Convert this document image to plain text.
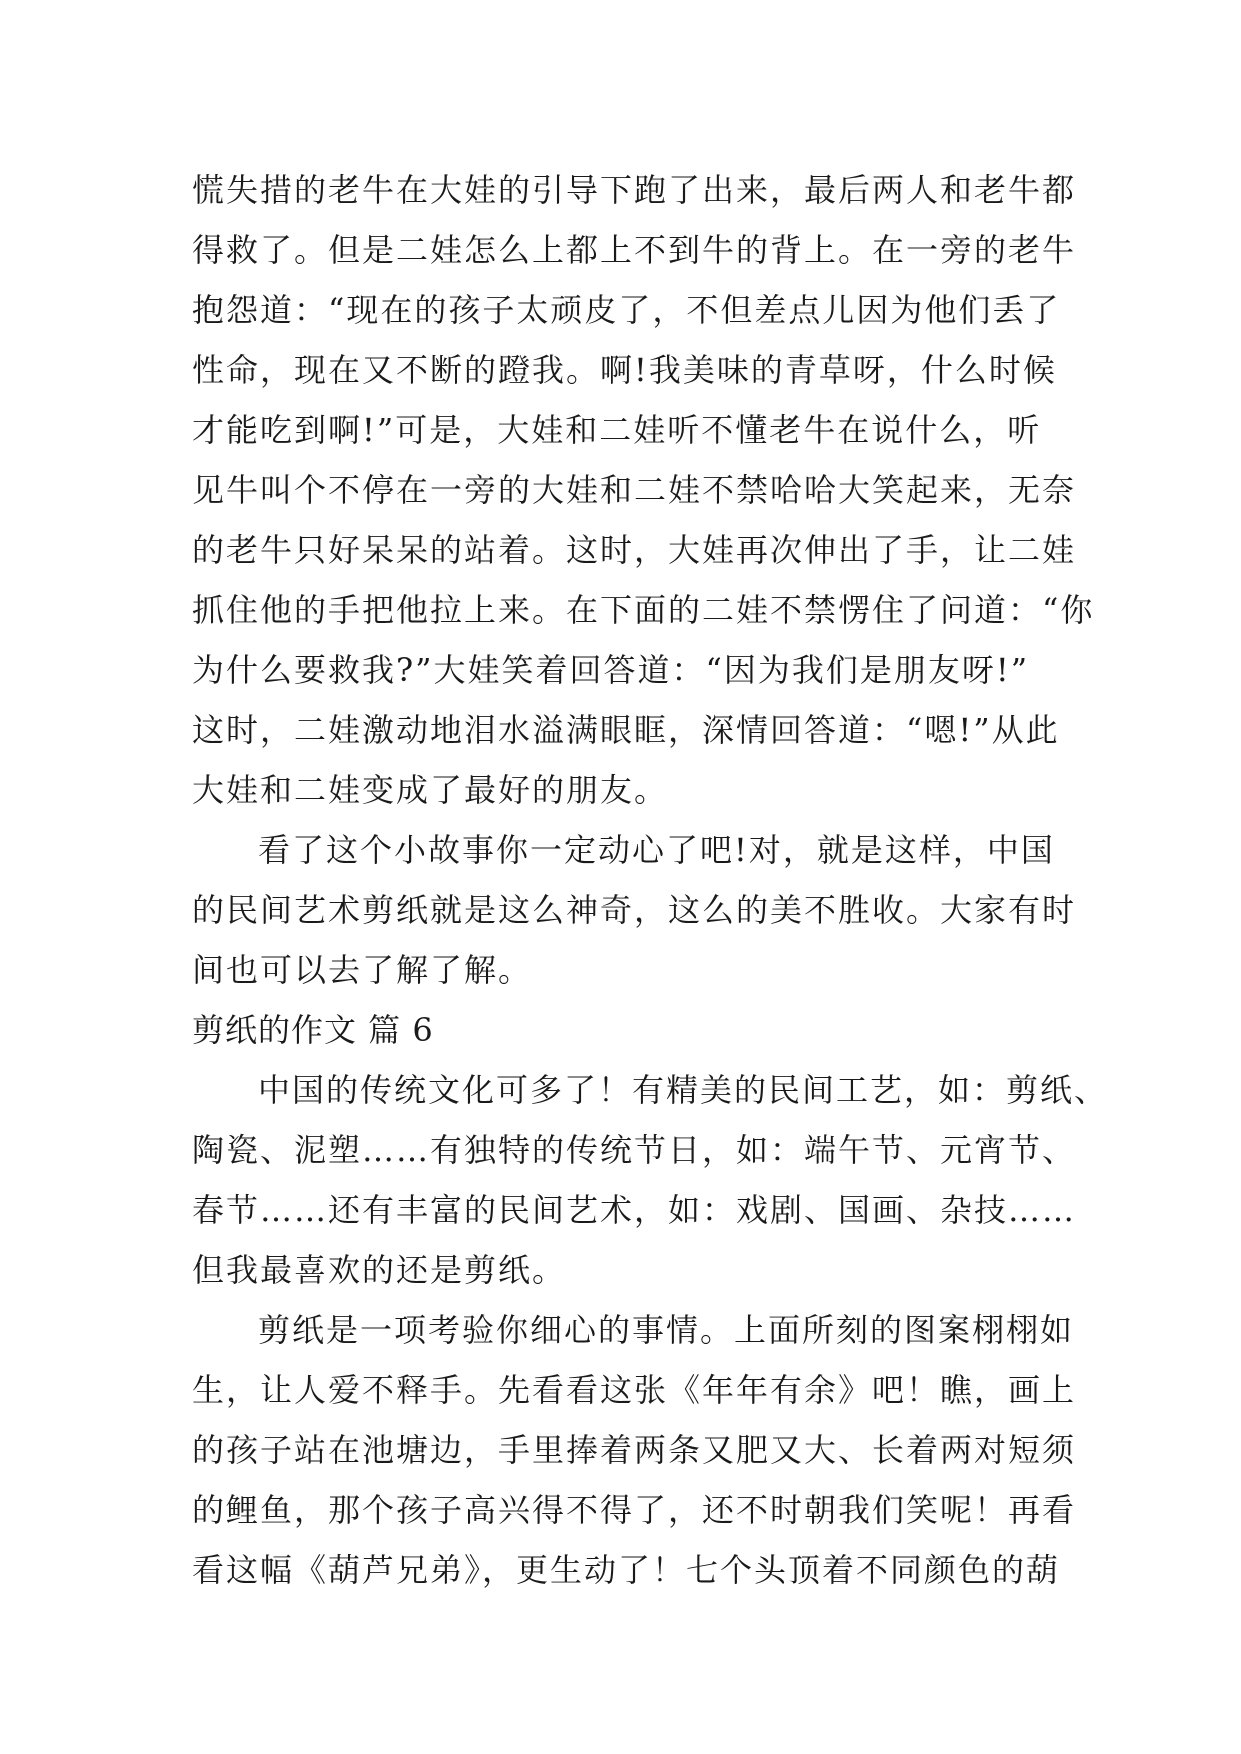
慌失措的老牛在大娃的引导下跑了出来，最后两人和老牛都
得救了。但是二娃怎么上都上不到牛的背上。在一旁的老牛
抱怨道：“现在的孩子太顽皮了，不但差点儿因为他们丢了
性命，现在又不断的蹬我。啊!我美味的青草呀，什么时候
才能吃到啊!”可是，大娃和二娃听不懂老牛在说什么，听
见牛叫个不停在一旁的大娃和二娃不禁哈哈大笑起来，无奈
的老牛只好呆呆的站着。这时，大娃再次伸出了手，让二娃
抓住他的手把他拉上来。在下面的二娃不禁愣住了问道：“你
为什么要救我?”大娃笑着回答道：“因为我们是朋友呀!”
这时，二娃激动地泪水溢满眼眶，深情回答道：“嗯!”从此
大娃和二娃变成了最好的朋友。
看了这个小故事你一定动心了吧!对，就是这样，中国
的民间艺术剪纸就是这么神奇，这么的美不胜收。大家有时
间也可以去了解了解。
剪纸的作文 篇 6
中国的传统文化可多了！有精美的民间工艺，如：剪纸、
陶瓷、泥塑……有独特的传统节日，如：端午节、元宵节、
春节……还有丰富的民间艺术，如：戏剧、国画、杂技……
但我最喜欢的还是剪纸。
剪纸是一项考验你细心的事情。上面所刻的图案栩栩如
生，让人爱不释手。先看看这张《年年有余》吧！瞧，画上
的孩子站在池塘边，手里捧着两条又肥又大、长着两对短须
的鲤鱼，那个孩子高兴得不得了，还不时朝我们笑呢！再看
看这幅《葫芦兄弟》，更生动了！七个头顶着不同颜色的葫
